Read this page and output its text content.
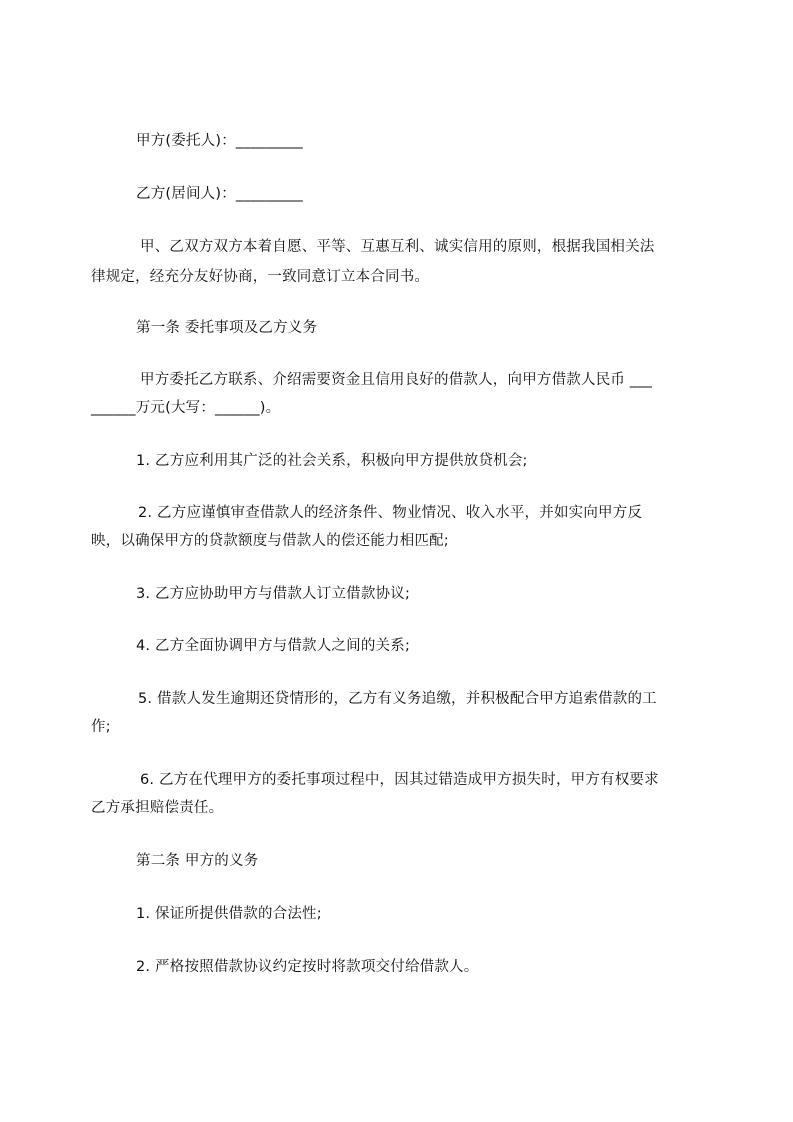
甲方(委托人)：_________
乙方(居间人)：_________
甲、乙双方双方本着自愿、平等、互惠互利、诚实信用的原则，根据我国相关法
律规定，经充分友好协商，一致同意订立本合同书。
第一条 委托事项及乙方义务
甲方委托乙方联系、介绍需要资金且信用良好的借款人，向甲方借款人民币 ___
______万元(大写：______)。
1. 乙方应利用其广泛的社会关系，积极向甲方提供放贷机会;
2. 乙方应谨慎审查借款人的经济条件、物业情况、收入水平，并如实向甲方反
映，以确保甲方的贷款额度与借款人的偿还能力相匹配;
3. 乙方应协助甲方与借款人订立借款协议;
4. 乙方全面协调甲方与借款人之间的关系;
5. 借款人发生逾期还贷情形的，乙方有义务追缴，并积极配合甲方追索借款的工
作;
6. 乙方在代理甲方的委托事项过程中，因其过错造成甲方损失时，甲方有权要求
乙方承担赔偿责任。
第二条 甲方的义务
1. 保证所提供借款的合法性;
2. 严格按照借款协议约定按时将款项交付给借款人。
